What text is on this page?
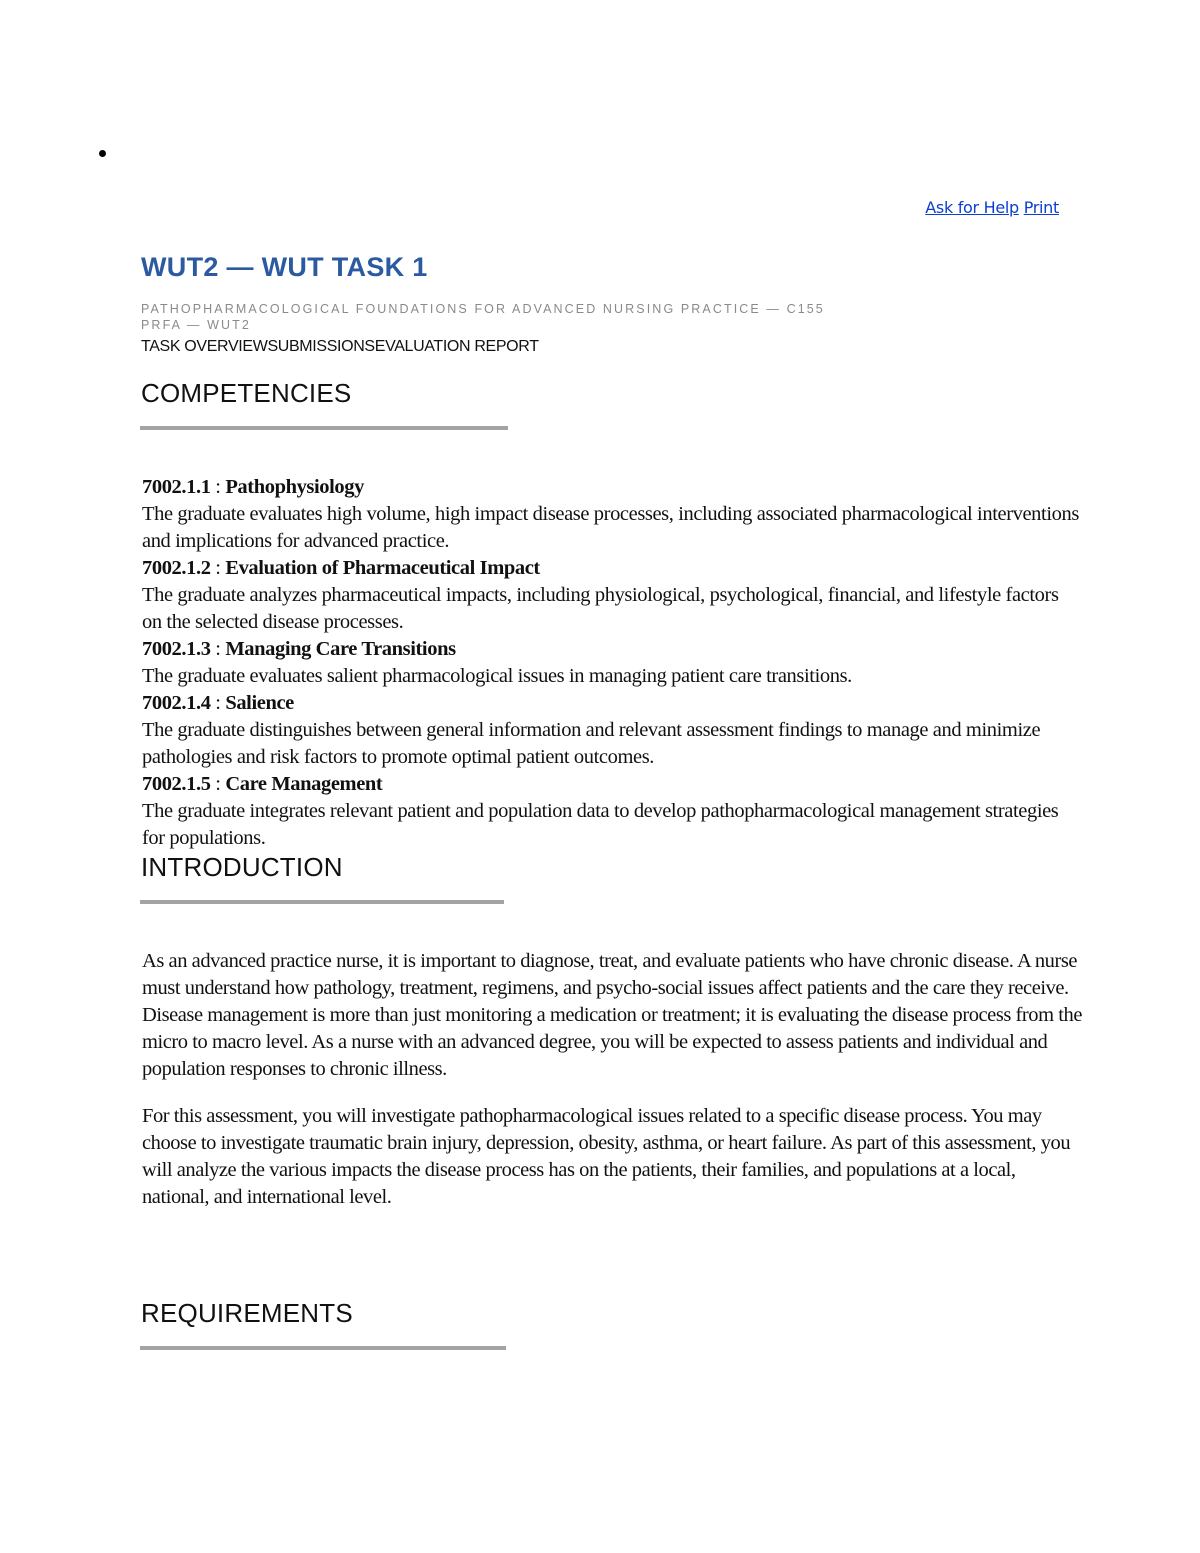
Ask for Help Print
WUT2 — WUT TASK 1
PATHOPHARMACOLOGICAL FOUNDATIONS FOR ADVANCED NURSING PRACTICE — C155 PRFA — WUT2
TASK OVERVIEWSUBMISSIONSEVALUATION REPORT
COMPETENCIES
7002.1.1 : Pathophysiology
The graduate evaluates high volume, high impact disease processes, including associated pharmacological interventions and implications for advanced practice.
7002.1.2 : Evaluation of Pharmaceutical Impact
The graduate analyzes pharmaceutical impacts, including physiological, psychological, financial, and lifestyle factors on the selected disease processes.
7002.1.3 : Managing Care Transitions
The graduate evaluates salient pharmacological issues in managing patient care transitions.
7002.1.4 : Salience
The graduate distinguishes between general information and relevant assessment findings to manage and minimize pathologies and risk factors to promote optimal patient outcomes.
7002.1.5 : Care Management
The graduate integrates relevant patient and population data to develop pathopharmacological management strategies for populations.
INTRODUCTION

As an advanced practice nurse, it is important to diagnose, treat, and evaluate patients who have chronic disease. A nurse must understand how pathology, treatment, regimens, and psycho-social issues affect patients and the care they receive. Disease management is more than just monitoring a medication or treatment; it is evaluating the disease process from the micro to macro level. As a nurse with an advanced degree, you will be expected to assess patients and individual and population responses to chronic illness.

For this assessment, you will investigate pathopharmacological issues related to a specific disease process. You may choose to investigate traumatic brain injury, depression, obesity, asthma, or heart failure. As part of this assessment, you will analyze the various impacts the disease process has on the patients, their families, and populations at a local, national, and international level.

REQUIREMENTS
